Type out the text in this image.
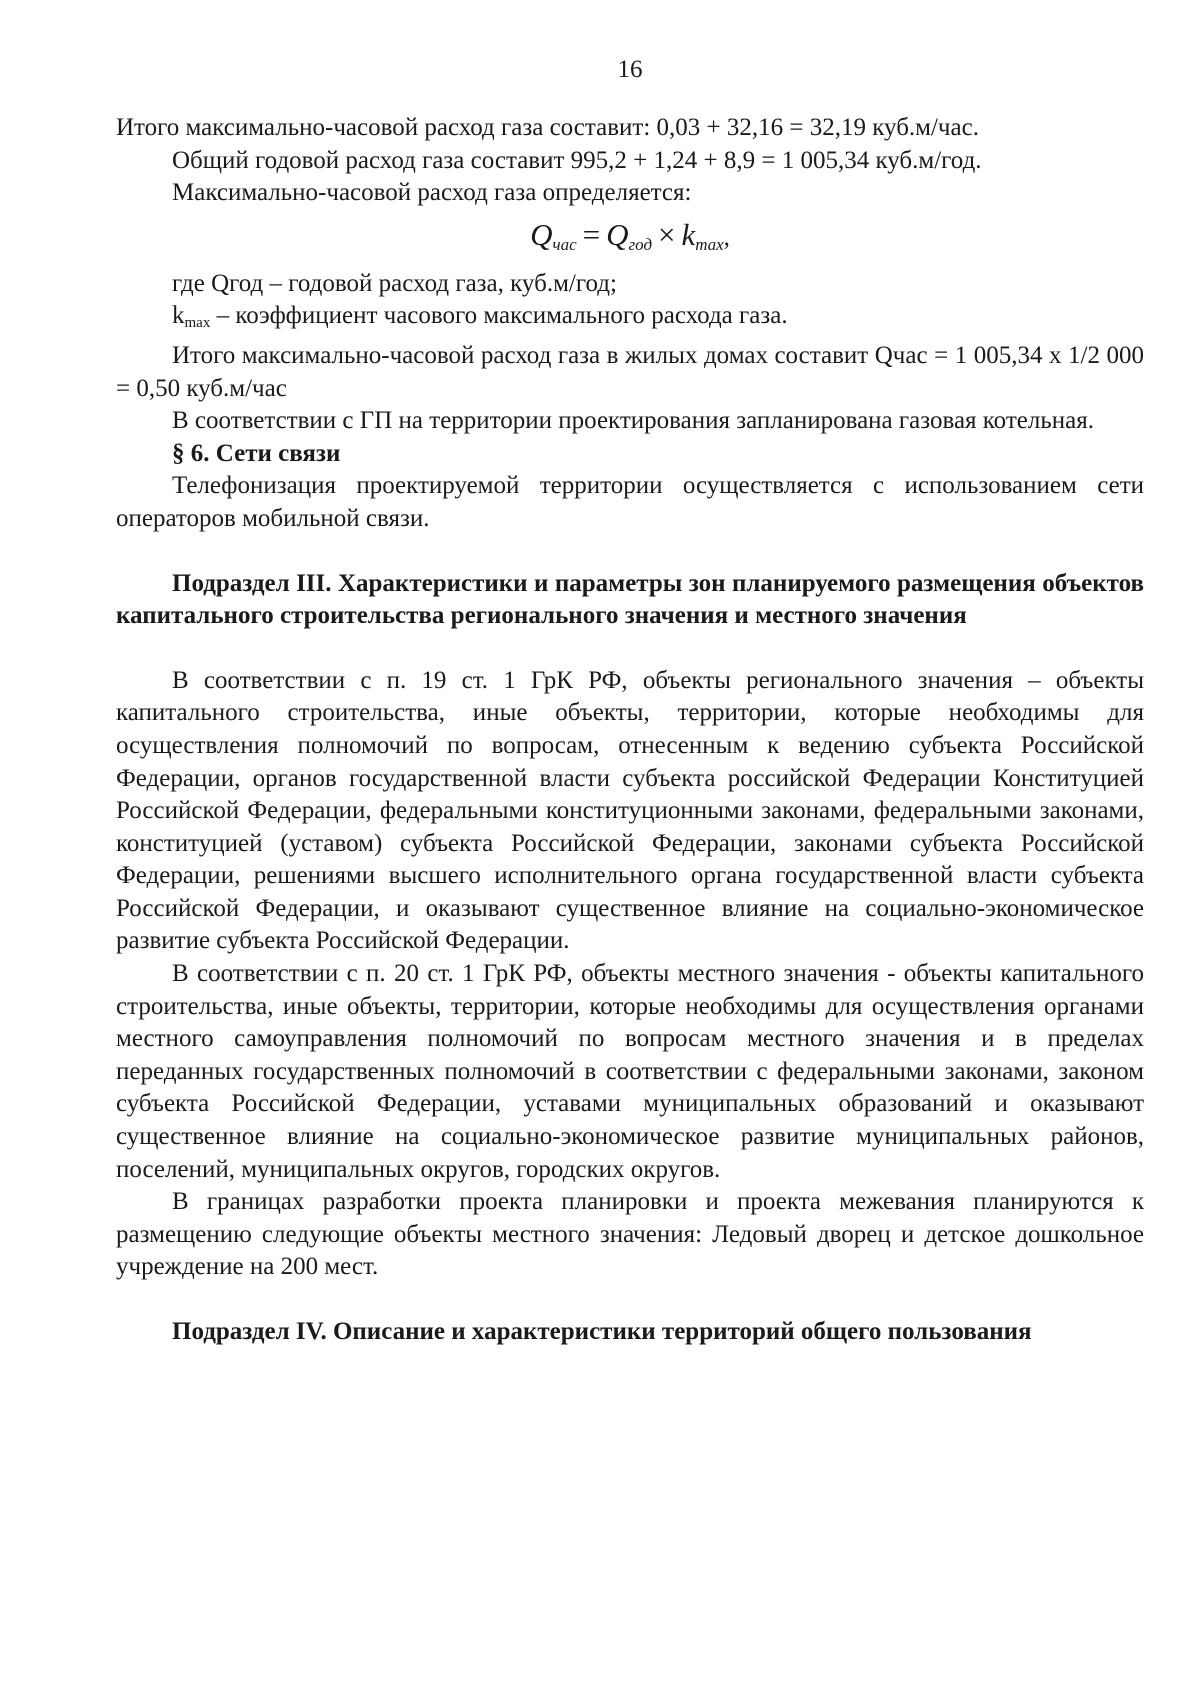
16

Итого максимально-часовой расход газа составит: 0,03 + 32,16 = 32,19 куб.м/час.

Общий годовой расход газа составит 995,2 + 1,24 + 8,9 = 1 005,34 куб.м/год.

Максимально-часовой расход газа определяется:

$Q_{час} = Q_{год} \times k_{max}$,

где Qгод – годовой расход газа, куб.м/год;

$k_{max}$ – коэффициент часового максимального расхода газа.

Итого максимально-часовой расход газа в жилых домах составит Qчас = 1 005,34 x 1/2 000 = 0,50 куб.м/час

В соответствии с ГП на территории проектирования запланирована газовая котельная.

§ 6. Сети связи

Телефонизация проектируемой территории осуществляется с использованием сети операторов мобильной связи.

Подраздел III. Характеристики и параметры зон планируемого размещения объектов капитального строительства регионального значения и местного значения

В соответствии с п. 19 ст. 1 ГрК РФ, объекты регионального значения – объекты капитального строительства, иные объекты, территории, которые необходимы для осуществления полномочий по вопросам, отнесенным к ведению субъекта Российской Федерации, органов государственной власти субъекта российской Федерации Конституцией Российской Федерации, федеральными конституционными законами, федеральными законами, конституцией (уставом) субъекта Российской Федерации, законами субъекта Российской Федерации, решениями высшего исполнительного органа государственной власти субъекта Российской Федерации, и оказывают существенное влияние на социально-экономическое развитие субъекта Российской Федерации.

В соответствии с п. 20 ст. 1 ГрК РФ, объекты местного значения - объекты капитального строительства, иные объекты, территории, которые необходимы для осуществления органами местного самоуправления полномочий по вопросам местного значения и в пределах переданных государственных полномочий в соответствии с федеральными законами, законом субъекта Российской Федерации, уставами муниципальных образований и оказывают существенное влияние на социально-экономическое развитие муниципальных районов, поселений, муниципальных округов, городских округов.

В границах разработки проекта планировки и проекта межевания планируются к размещению следующие объекты местного значения: Ледовый дворец и детское дошкольное учреждение на 200 мест.

Подраздел IV. Описание и характеристики территорий общего пользования
